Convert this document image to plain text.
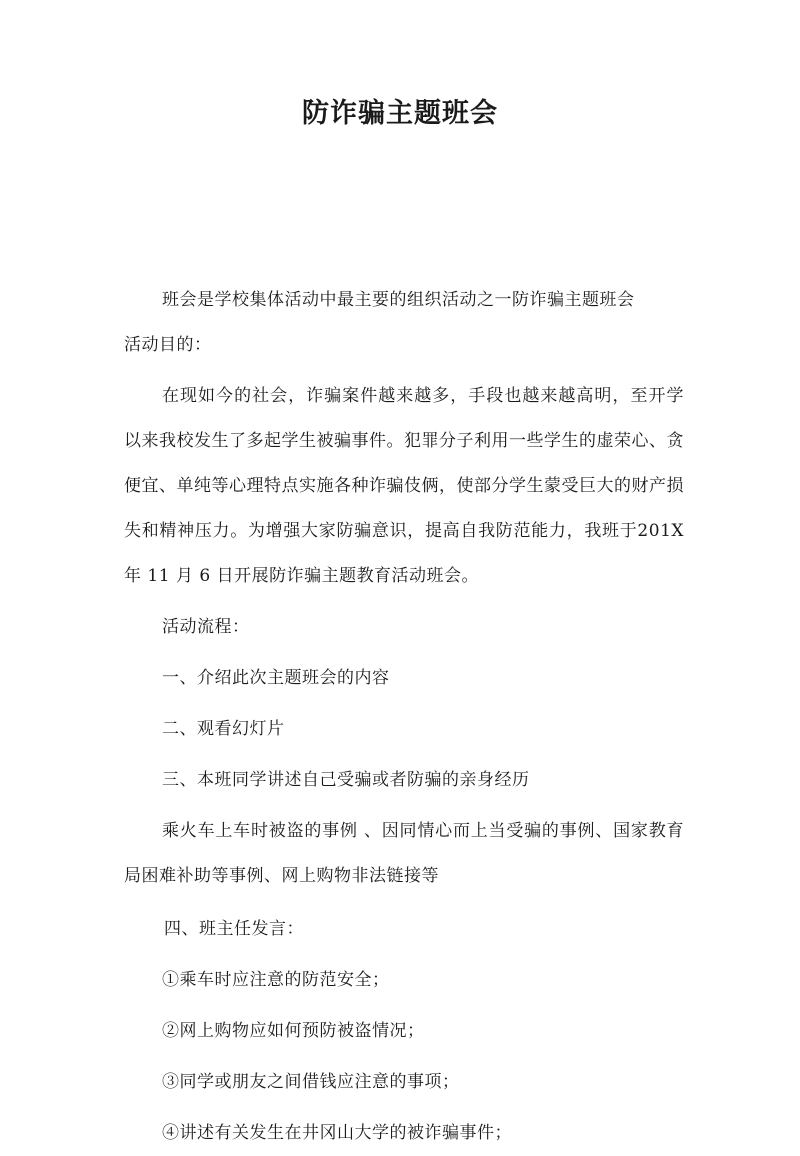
防诈骗主题班会

班会是学校集体活动中最主要的组织活动之一防诈骗主题班会

活动目的：

在现如今的社会，诈骗案件越来越多，手段也越来越高明，至开学以来我校发生了多起学生被骗事件。犯罪分子利用一些学生的虚荣心、贪便宜、单纯等心理特点实施各种诈骗伎俩，使部分学生蒙受巨大的财产损失和精神压力。为增强大家防骗意识，提高自我防范能力，我班于201X 年 11 月 6 日开展防诈骗主题教育活动班会。

活动流程：

一、介绍此次主题班会的内容

二、观看幻灯片

三、本班同学讲述自己受骗或者防骗的亲身经历

乘火车上车时被盗的事例 、因同情心而上当受骗的事例、国家教育局困难补助等事例、网上购物非法链接等

四、班主任发言：

①乘车时应注意的防范安全；

②网上购物应如何预防被盗情况；

③同学或朋友之间借钱应注意的事项；

④讲述有关发生在井冈山大学的被诈骗事件；
